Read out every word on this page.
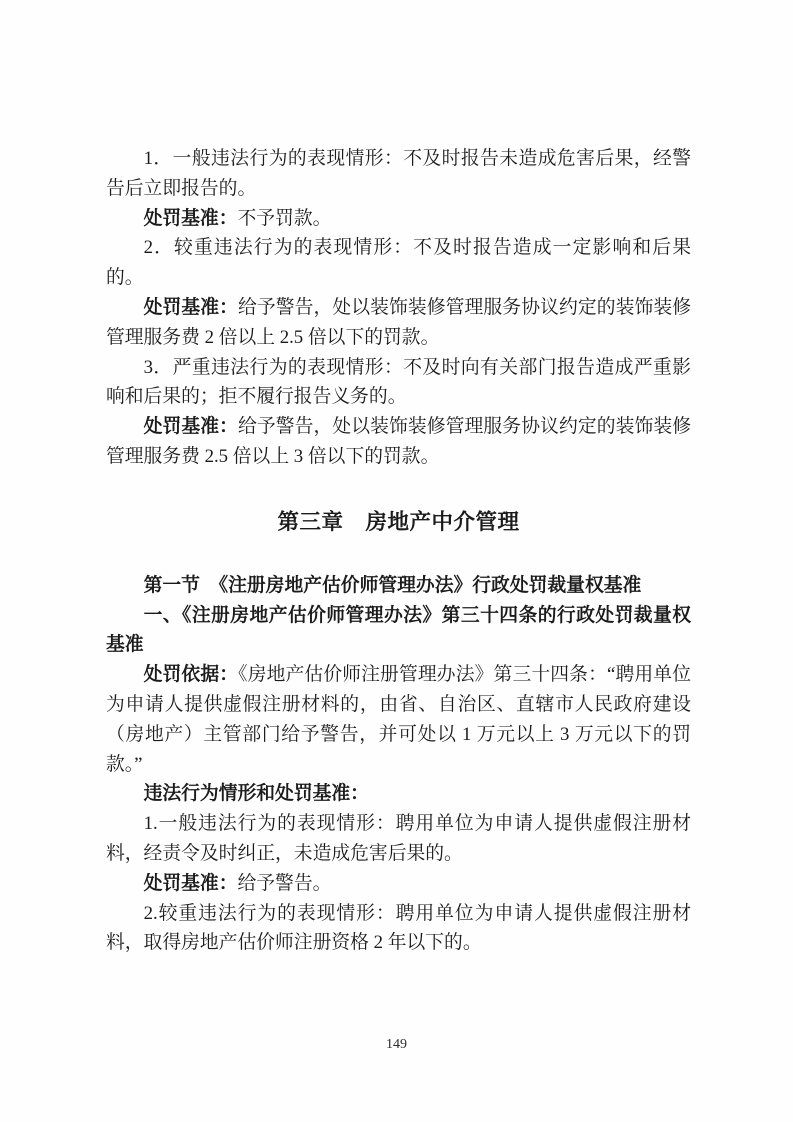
1．一般违法行为的表现情形：不及时报告未造成危害后果，经警告后立即报告的。

处罚基准：不予罚款。

2．较重违法行为的表现情形：不及时报告造成一定影响和后果的。

处罚基准：给予警告，处以装饰装修管理服务协议约定的装饰装修管理服务费 2 倍以上 2.5 倍以下的罚款。

3．严重违法行为的表现情形：不及时向有关部门报告造成严重影响和后果的；拒不履行报告义务的。

处罚基准：给予警告，处以装饰装修管理服务协议约定的装饰装修管理服务费 2.5 倍以上 3 倍以下的罚款。

第三章　房地产中介管理

第一节　《注册房地产估价师管理办法》行政处罚裁量权基准

一、《注册房地产估价师管理办法》第三十四条的行政处罚裁量权基准

处罚依据：《房地产估价师注册管理办法》第三十四条：“聘用单位为申请人提供虚假注册材料的，由省、自治区、直辖市人民政府建设（房地产）主管部门给予警告，并可处以 1 万元以上 3 万元以下的罚款。”

违法行为情形和处罚基准：

1.一般违法行为的表现情形：聘用单位为申请人提供虚假注册材料，经责令及时纠正，未造成危害后果的。

处罚基准：给予警告。

2.较重违法行为的表现情形：聘用单位为申请人提供虚假注册材料，取得房地产估价师注册资格 2 年以下的。

149
